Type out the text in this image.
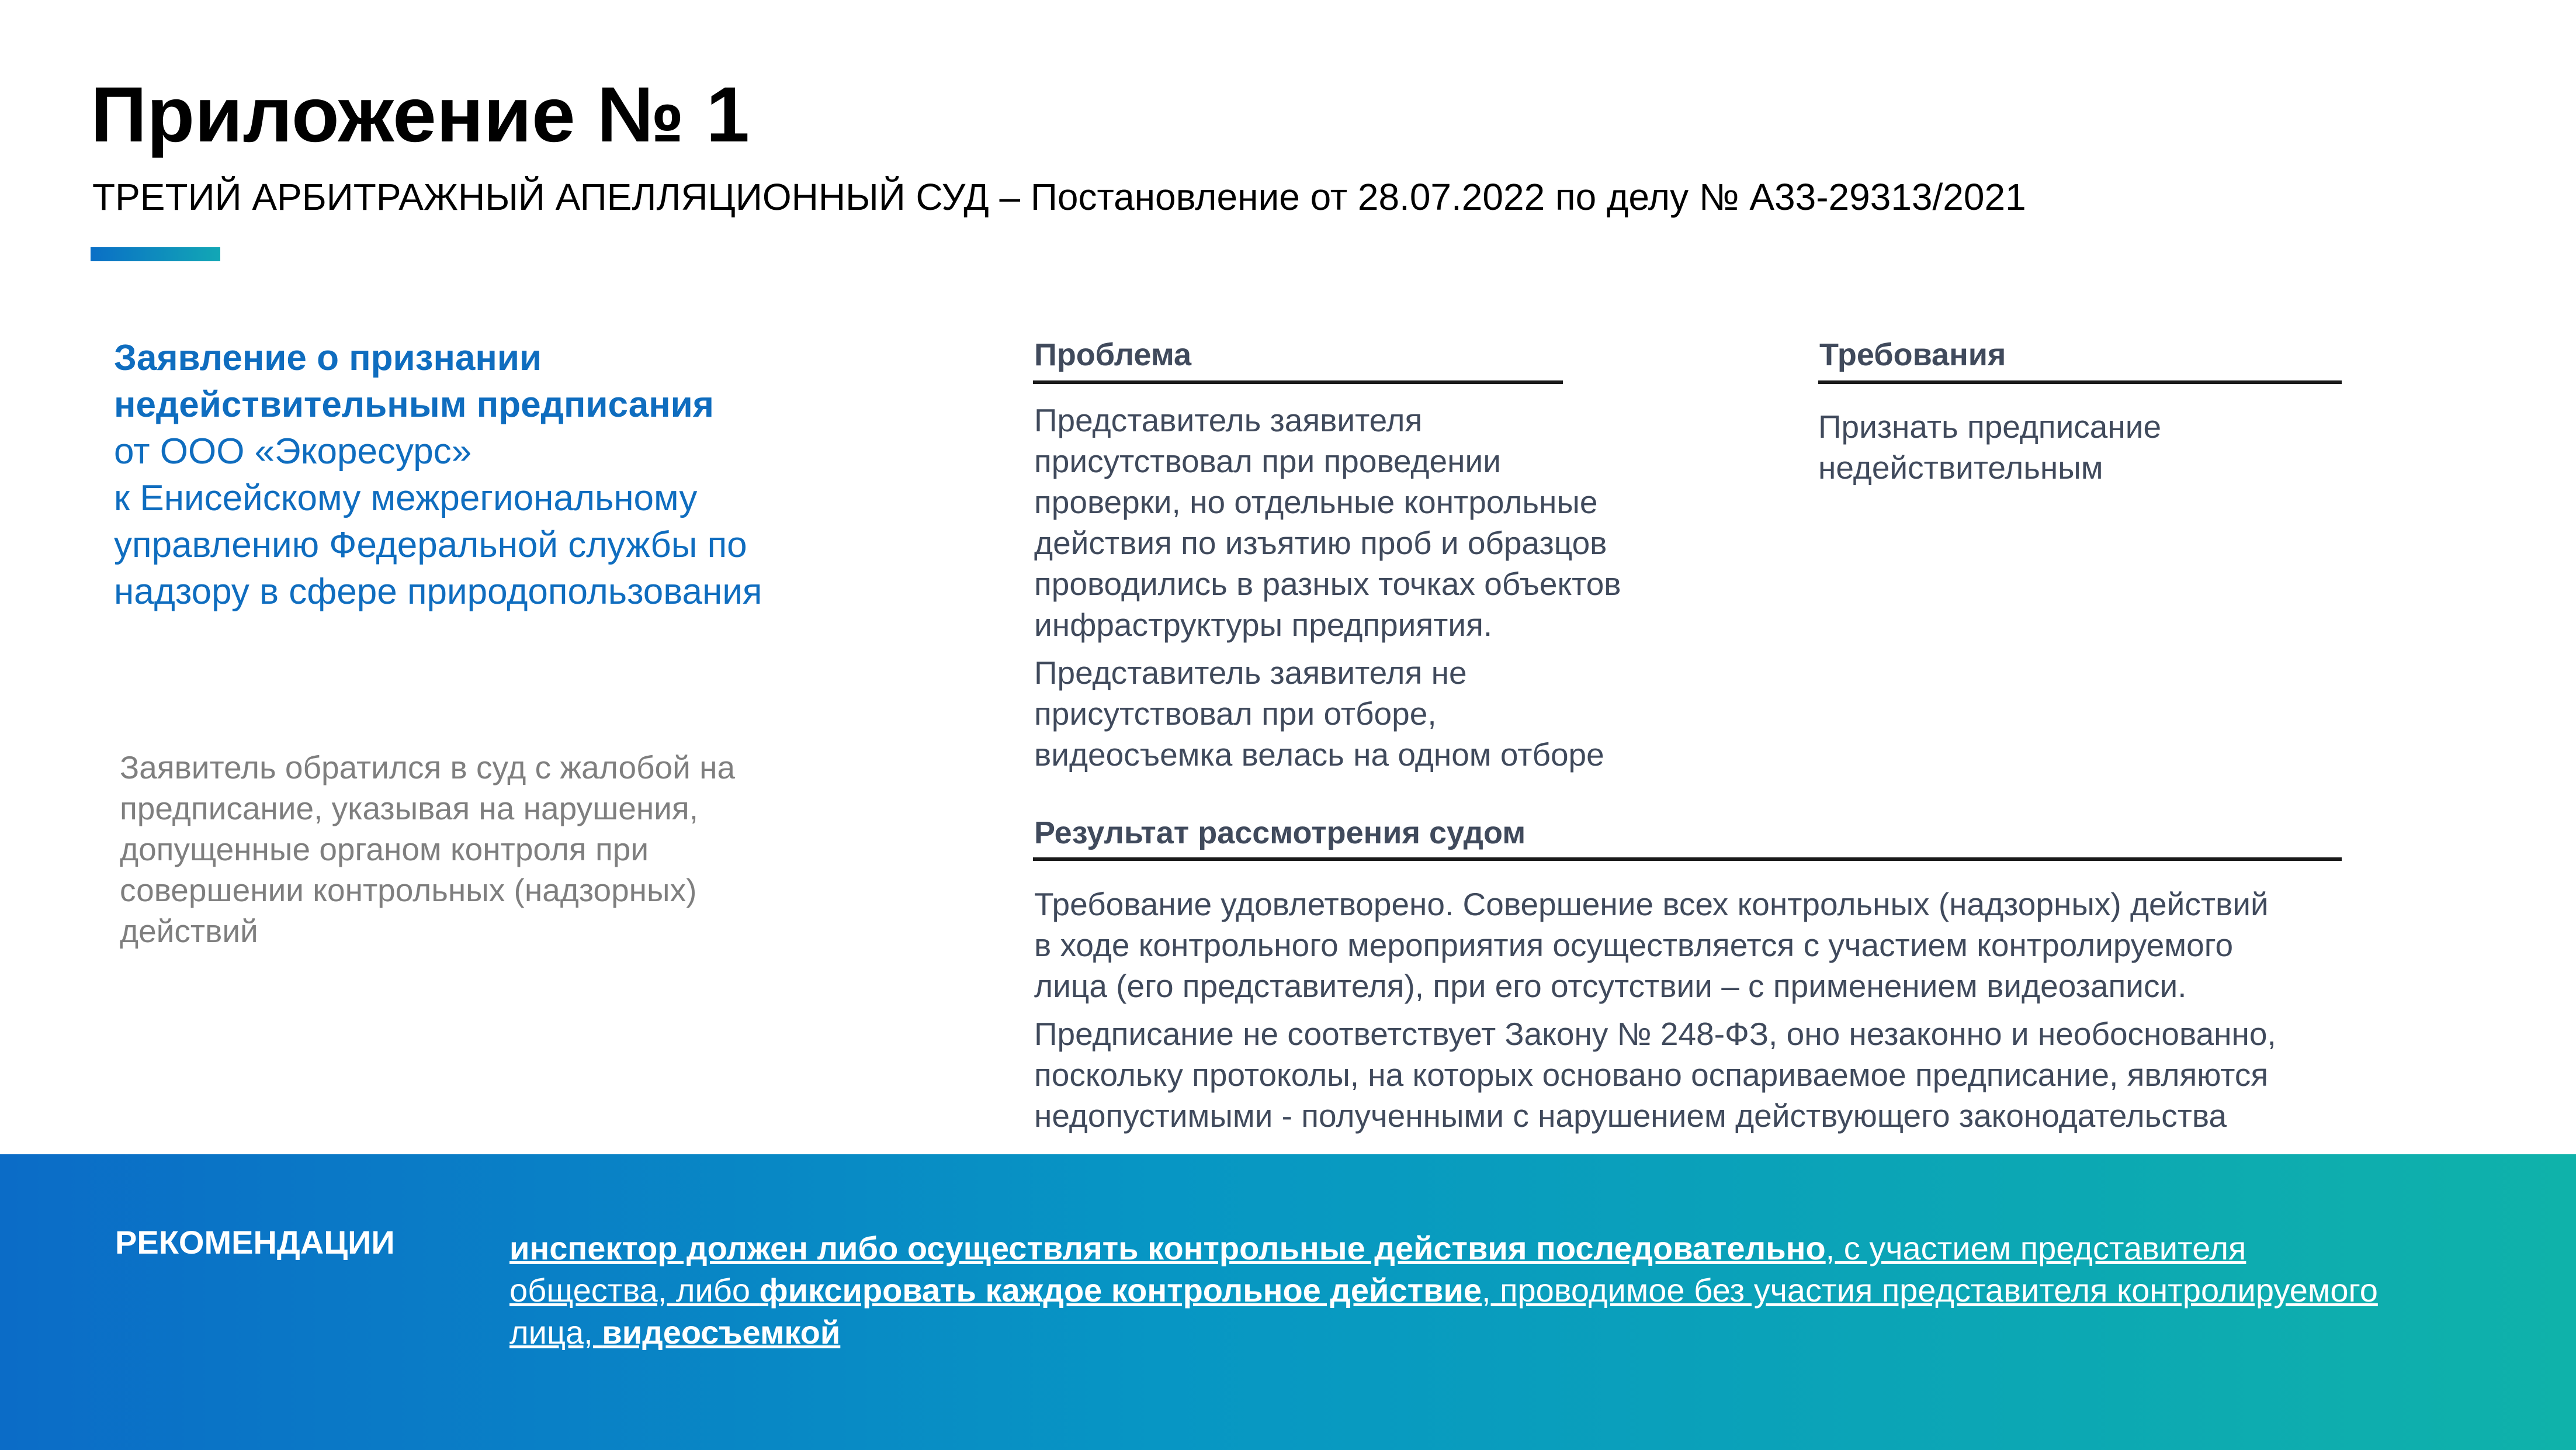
Приложение № 1
ТРЕТИЙ АРБИТРАЖНЫЙ АПЕЛЛЯЦИОННЫЙ СУД – Постановление от 28.07.2022 по делу № А33-29313/2021
Заявление о признании
недействительным предписания
от ООО «Экоресурс»
к Енисейскому межрегиональному
управлению Федеральной службы по
надзору в сфере природопользования
Заявитель обратился в суд с жалобой на
предписание, указывая на нарушения,
допущенные органом контроля при
совершении контрольных (надзорных)
действий
Проблема
Представитель заявителя
присутствовал при проведении
проверки, но отдельные контрольные
действия по изъятию проб и образцов
проводились в разных точках объектов
инфраструктуры предприятия.
Представитель заявителя не
присутствовал при отборе,
видеосъемка велась на одном отборе
Требования
Признать предписание
недействительным
Результат рассмотрения судом
Требование удовлетворено. Совершение всех контрольных (надзорных) действий
в ходе контрольного мероприятия осуществляется с участием контролируемого
лица (его представителя), при его отсутствии – с применением видеозаписи.
Предписание не соответствует Закону № 248-ФЗ, оно незаконно и необоснованно,
поскольку протоколы, на которых основано оспариваемое предписание, являются
недопустимыми - полученными с нарушением действующего законодательства
РЕКОМЕНДАЦИИ	инспектор должен либо осуществлять контрольные действия последовательно, с участием представителя
общества, либо фиксировать каждое контрольное действие, проводимое без участия представителя контролируемого
лица, видеосъемкой
